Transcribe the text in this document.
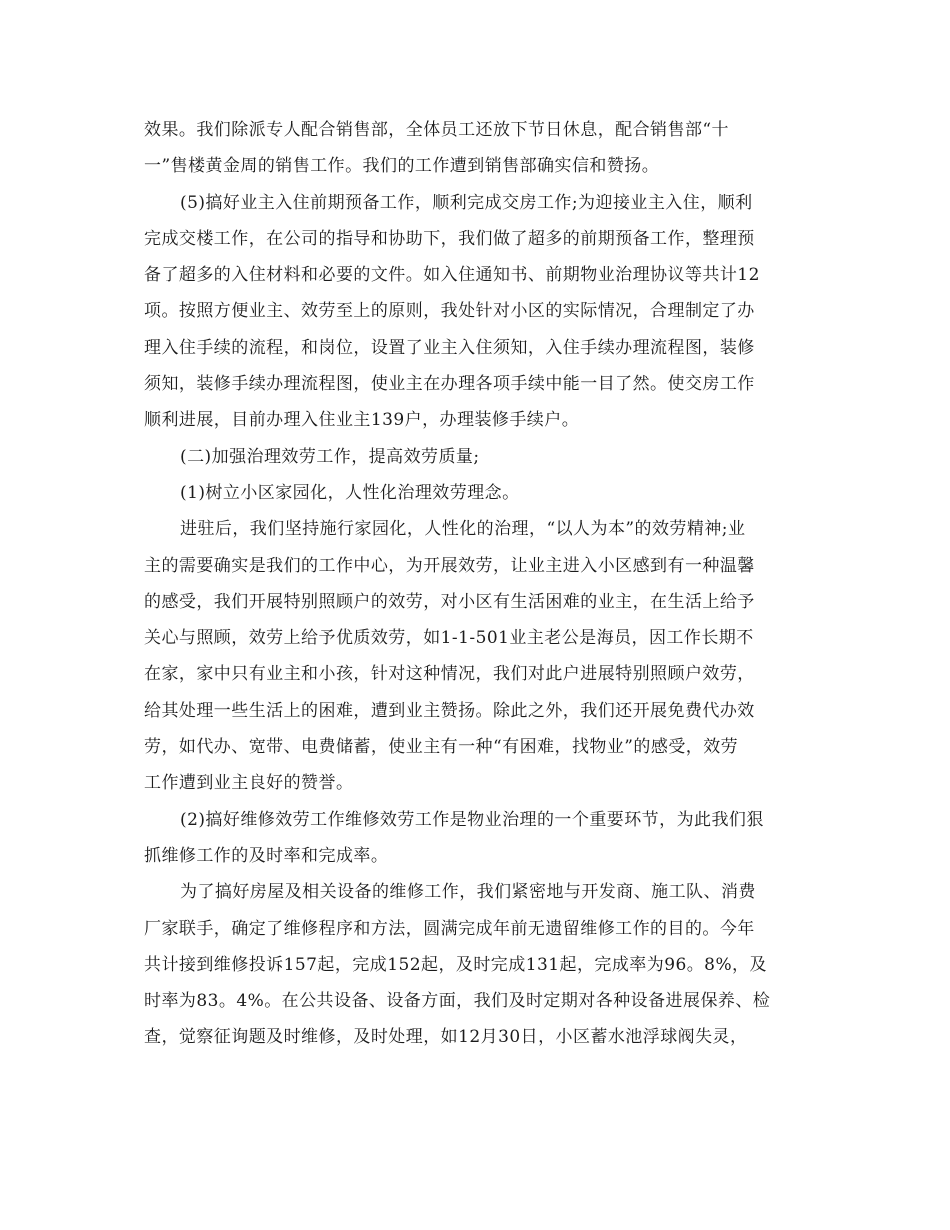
效果。我们除派专人配合销售部，全体员工还放下节日休息，配合销售部“十
一”售楼黄金周的销售工作。我们的工作遭到销售部确实信和赞扬。
(5)搞好业主入住前期预备工作，顺利完成交房工作;为迎接业主入住，顺利
完成交楼工作，在公司的指导和协助下，我们做了超多的前期预备工作，整理预
备了超多的入住材料和必要的文件。如入住通知书、前期物业治理协议等共计12
项。按照方便业主、效劳至上的原则，我处针对小区的实际情况，合理制定了办
理入住手续的流程，和岗位，设置了业主入住须知，入住手续办理流程图，装修
须知，装修手续办理流程图，使业主在办理各项手续中能一目了然。使交房工作
顺利进展，目前办理入住业主139户，办理装修手续户。
(二)加强治理效劳工作，提高效劳质量;
(1)树立小区家园化，人性化治理效劳理念。
进驻后，我们坚持施行家园化，人性化的治理，“以人为本”的效劳精神;业
主的需要确实是我们的工作中心，为开展效劳，让业主进入小区感到有一种温馨
的感受，我们开展特别照顾户的效劳，对小区有生活困难的业主，在生活上给予
关心与照顾，效劳上给予优质效劳，如1-1-501业主老公是海员，因工作长期不
在家，家中只有业主和小孩，针对这种情况，我们对此户进展特别照顾户效劳，
给其处理一些生活上的困难，遭到业主赞扬。除此之外，我们还开展免费代办效
劳，如代办、宽带、电费储蓄，使业主有一种“有困难，找物业”的感受，效劳
工作遭到业主良好的赞誉。
(2)搞好维修效劳工作维修效劳工作是物业治理的一个重要环节，为此我们狠
抓维修工作的及时率和完成率。
为了搞好房屋及相关设备的维修工作，我们紧密地与开发商、施工队、消费
厂家联手，确定了维修程序和方法，圆满完成年前无遗留维修工作的目的。今年
共计接到维修投诉157起，完成152起，及时完成131起，完成率为96。8%，及
时率为83。4%。在公共设备、设备方面，我们及时定期对各种设备进展保养、检
查，觉察征询题及时维修，及时处理，如12月30日，小区蓄水池浮球阀失灵，
